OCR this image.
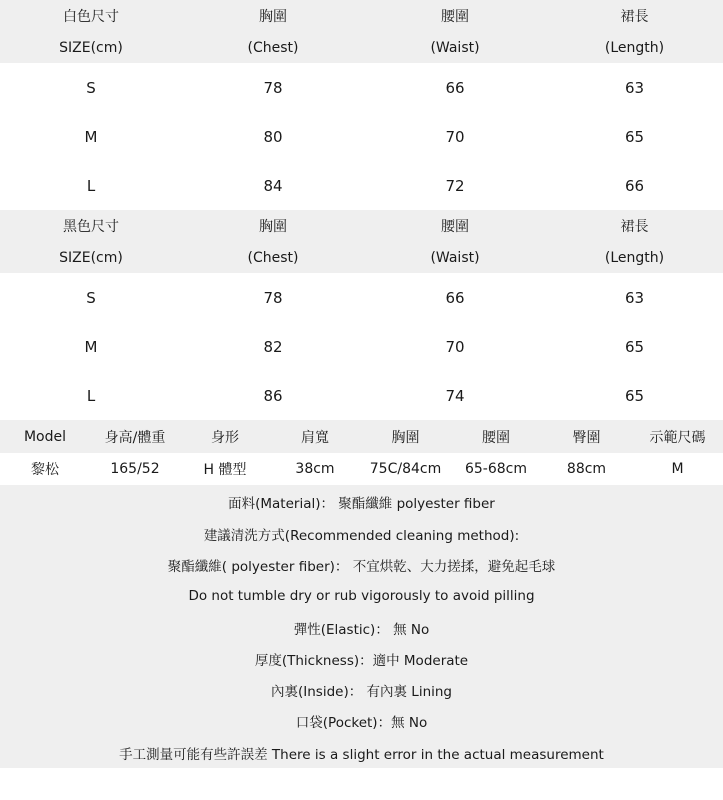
白色尺寸	胸圍	腰圍	裙長
SIZE(cm)	(Chest)	(Waist)	(Length)
S	78	66	63
M	80	70	65
L	84	72	66
黑色尺寸	胸圍	腰圍	裙長
SIZE(cm)	(Chest)	(Waist)	(Length)
S	78	66	63
M	82	70	65
L	86	74	65
Model	身高/體重	身形	肩寬	胸圍	腰圍	臀圍	示範尺碼
黎松	165/52	H 體型	38cm	75C/84cm	65-68cm	88cm	M
面料(Material)： 聚酯纖維 polyester fiber
建議清洗方式(Recommended cleaning method):
聚酯纖維( polyester fiber)： 不宜烘乾、大力搓揉，避免起毛球
Do not tumble dry or rub vigorously to avoid pilling
彈性(Elastic)： 無 No
厚度(Thickness)：適中 Moderate
內裏(Inside)： 有內裏 Lining
口袋(Pocket)：無 No
手工測量可能有些許誤差 There is a slight error in the actual measurement
